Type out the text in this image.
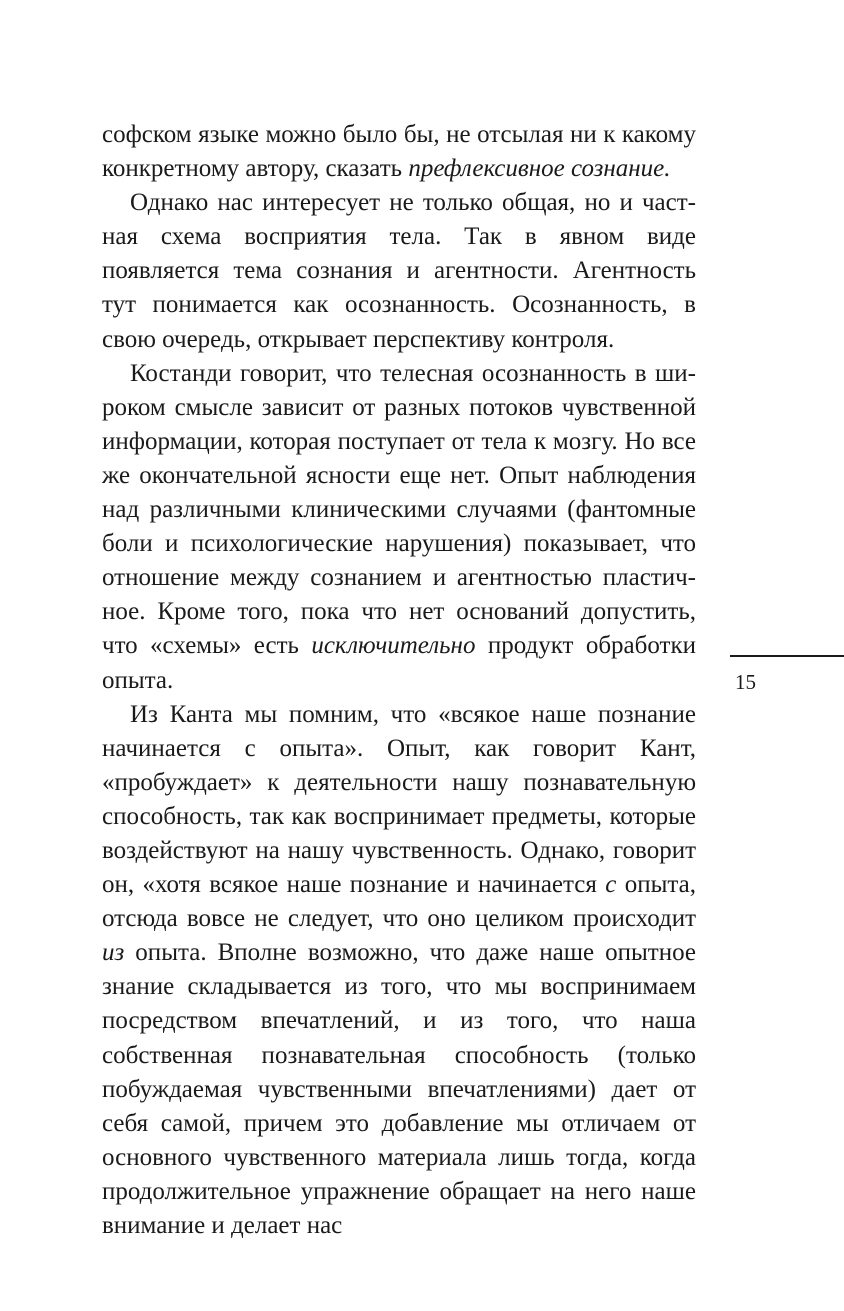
софском языке можно было бы, не отсылая ни к какому конкретному автору, сказать префлексивное сознание.

Однако нас интересует не только общая, но и частная схема восприятия тела. Так в явном виде появляется тема сознания и агентности. Агентность тут понимается как осознанность. Осознанность, в свою очередь, открывает перспективу контроля.

Костанди говорит, что телесная осознанность в широком смысле зависит от разных потоков чувственной информации, которая поступает от тела к мозгу. Но все же окончательной ясности еще нет. Опыт наблюдения над различными клиническими случаями (фантомные боли и психологические нарушения) показывает, что отношение между сознанием и агентностью пластичное. Кроме того, пока что нет оснований допустить, что «схемы» есть исключительно продукт обработки опыта.

Из Канта мы помним, что «всякое наше познание начинается с опыта». Опыт, как говорит Кант, «пробуждает» к деятельности нашу познавательную способность, так как воспринимает предметы, которые воздействуют на нашу чувственность. Однако, говорит он, «хотя всякое наше познание и начинается с опыта, отсюда вовсе не следует, что оно целиком происходит из опыта. Вполне возможно, что даже наше опытное знание складывается из того, что мы воспринимаем посредством впечатлений, и из того, что наша собственная познавательная способность (только побуждаемая чувственными впечатлениями) дает от себя самой, причем это добавление мы отличаем от основного чувственного материала лишь тогда, когда продолжительное упражнение обращает на него наше внимание и делает нас

15
